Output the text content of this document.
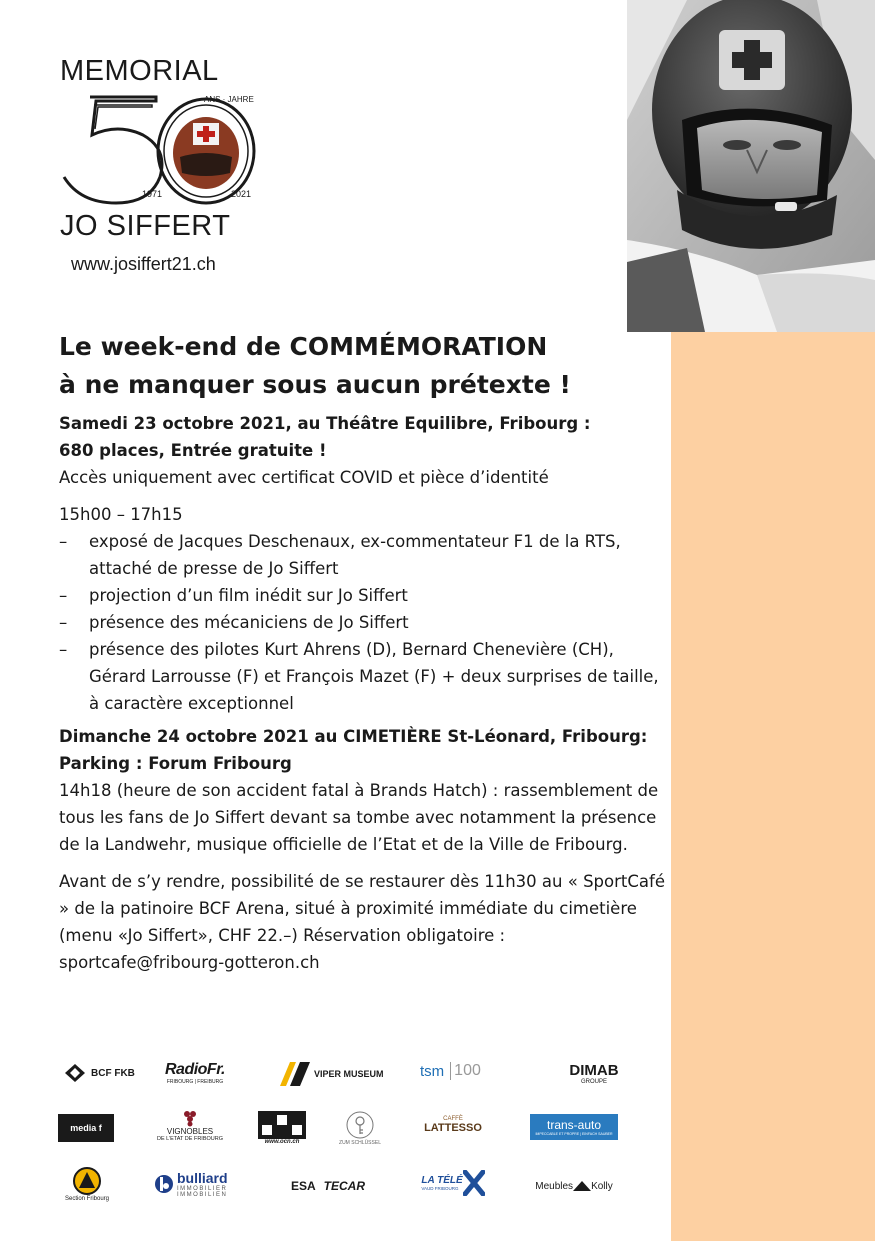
MEMORIAL
ANS · JAHRE
1971	2021
JO SIFFERT
www.josiffert21.ch

Le week-end de COMMÉMORATION

à ne manquer sous aucun prétexte !

Samedi 23 octobre 2021, au Théâtre Equilibre, Fribourg :

680 places, Entrée gratuite !

Accès uniquement avec certificat COVID et pièce d’identité

15h00 – 17h15

– exposé de Jacques Deschenaux, ex-commentateur F1 de la RTS, attaché de presse de Jo Siffert
– projection d’un film inédit sur Jo Siffert
– présence des mécaniciens de Jo Siffert
– présence des pilotes Kurt Ahrens (D), Bernard Chenevière (CH), Gérard Larrousse (F) et François Mazet (F) + deux surprises de taille, à caractère exceptionnel

Dimanche 24 octobre 2021 au CIMETIÈRE St-Léonard, Fribourg:

Parking : Forum Fribourg

14h18 (heure de son accident fatal à Brands Hatch) : rassemblement de tous les fans de Jo Siffert devant sa tombe avec notamment la présence de la Landwehr, musique officielle de l’Etat et de la Ville de Fribourg.

Avant de s’y rendre, possibilité de se restaurer dès 11h30 au « SportCafé » de la patinoire BCF Arena, situé à proximité immédiate du cimetière (menu «Jo Siffert», CHF 22.–) Réservation obligatoire : sportcafe@fribourg-gotteron.ch

BCF FKB RadioFr.
FRIBOURG | FREIBURG
VIPER MUSEUM tsm 100	DIMAB
GROUPE
media f	VIGNOBLES
DE L’ETAT DE FRIBOURG
www.ocn.ch	ZUM SCHLÜSSEL
CAFFÈ
LATTESSO	trans-auto
IMPECCABLE ET PROPRE | EINFACH SAUBER
Section Fribourg
bulliard
IMMOBILIER
IMMOBILIEN
ESA TECAR	LA TÉLÉ
VAUD FRIBOURG	Meubles Kolly
